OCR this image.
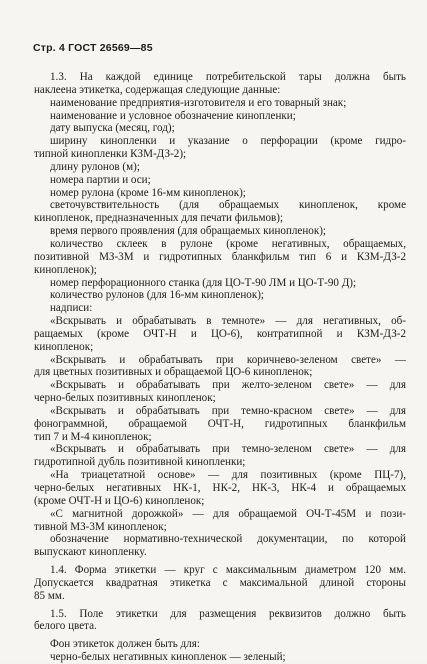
Стр. 4 ГОСТ 26569—85
1.3. На каждой единице потребительской тары должна быть
наклеена этикетка, содержащая следующие данные:
наименование предприятия-изготовителя и его товарный знак;
наименование и условное обозначение кинопленки;
дату выпуска (месяц, год);
ширину кинопленки и указание о перфорации (кроме гидро-
типной кинопленки КЗМ-ДЗ-2);
длину рулонов (м);
номера партии и оси;
номер рулона (кроме 16-мм кинопленок);
светочувствительность (для обращаемых кинопленок, кроме
кинопленок, предназначенных для печати фильмов);
время первого проявления (для обращаемых кинопленок);
количество склеек в рулоне (кроме негативных, обращаемых,
позитивной МЗ-3М и гидротипных бланкфильм тип 6 и КЗМ-ДЗ-2
кинопленок);
номер перфорационного станка (для ЦО-Т-90 ЛМ и ЦО-Т-90 Д);
количество рулонов (для 16-мм кинопленок);
надписи:
«Вскрывать и обрабатывать в темноте» — для негативных, об-
ращаемых (кроме ОЧТ-Н и ЦО-6), контратипной и КЗМ-ДЗ-2
кинопленок;
«Вскрывать и обрабатывать при коричнево-зеленом свете» —
для цветных позитивных и обращаемой ЦО-6 кинопленок;
«Вскрывать и обрабатывать при желто-зеленом свете» — для
черно-белых позитивных кинопленок;
«Вскрывать и обрабатывать при темно-красном свете» — для
фонограммной, обращаемой ОЧТ-Н, гидротипных бланкфильм
тип 7 и М-4 кинопленок;
«Вскрывать и обрабатывать при темно-зеленом свете» — для
гидротипной дубль позитивной кинопленки;
«На триацетатной основе» — для позитивных (кроме ПЦ-7),
черно-белых негативных НК-1, НК-2, НК-3, НК-4 и обращаемых
(кроме ОЧТ-Н и ЦО-6) кинопленок;
«С магнитной дорожкой» — для обращаемой ОЧ-Т-45М и пози-
тивной МЗ-3М кинопленок;
обозначение нормативно-технической документации, по которой
выпускают кинопленку.
1.4. Форма этикетки — круг с максимальным диаметром 120 мм.
Допускается квадратная этикетка с максимальной длиной стороны
85 мм.
1.5. Поле этикетки для размещения реквизитов должно быть
белого цвета.
Фон этикеток должен быть для:
черно-белых негативных кинопленок — зеленый;
